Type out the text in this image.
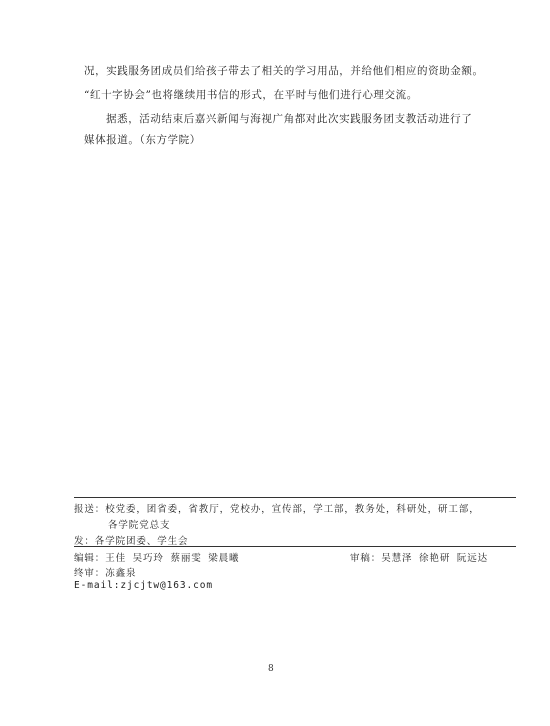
况，实践服务团成员们给孩子带去了相关的学习用品，并给他们相应的资助金额。

“红十字协会”也将继续用书信的形式，在平时与他们进行心理交流。

据悉，活动结束后嘉兴新闻与海视广角都对此次实践服务团支教活动进行了

媒体报道。（东方学院）

报送：校党委，团省委，省教厅，党校办，宣传部，学工部，教务处，科研处，研工部，

各学院党总支

发：各学院团委、学生会

编辑：王佳 吴巧玲 蔡丽雯 梁晨曦	审稿：吴慧泽 徐艳研 阮远达

终审：冻鑫泉

E-mail:zjcjtw@163.com

8
